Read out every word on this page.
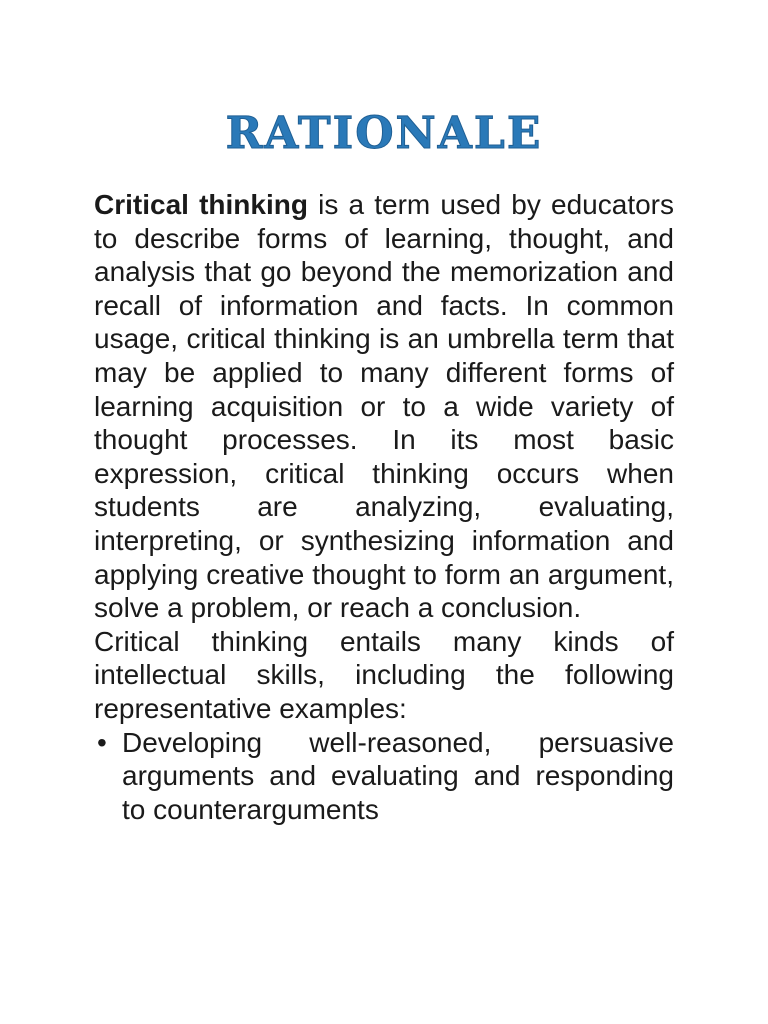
RATIONALE

Critical thinking is a term used by educators to describe forms of learning, thought, and analysis that go beyond the memorization and recall of information and facts. In common usage, critical thinking is an umbrella term that may be applied to many different forms of learning acquisition or to a wide variety of thought processes. In its most basic expression, critical thinking occurs when students are analyzing, evaluating, interpreting, or synthesizing information and applying creative thought to form an argument, solve a problem, or reach a conclusion.

Critical thinking entails many kinds of intellectual skills, including the following representative examples:

• Developing well-reasoned, persuasive arguments and evaluating and responding to counterarguments
